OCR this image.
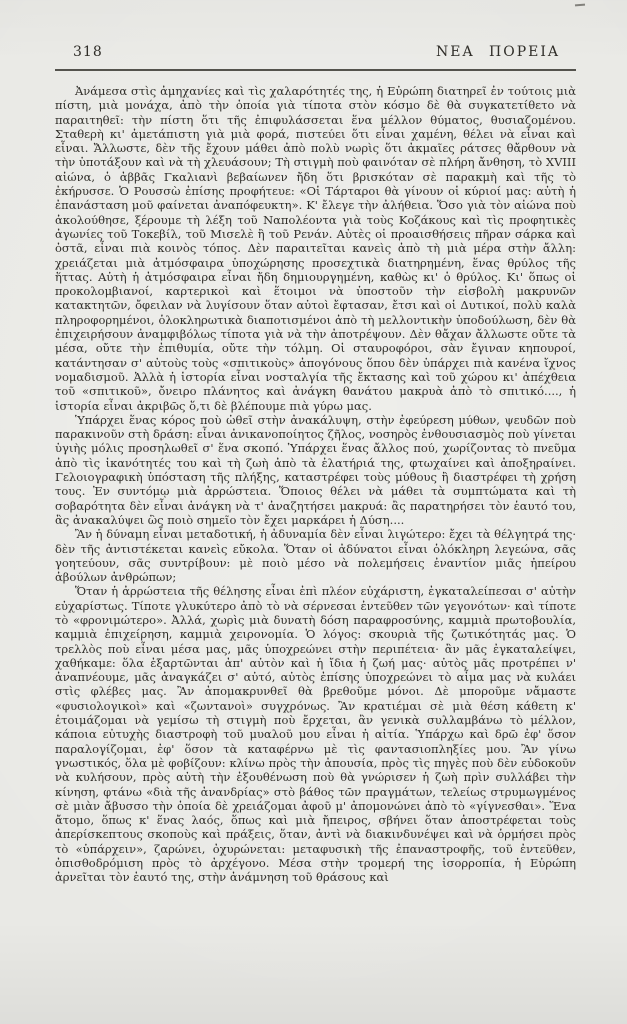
318	ΝΕΑ ΠΟΡΕΙΑ

Ἀνάμεσα στὶς ἀμηχανίες καὶ τὶς χαλαρότητές της, ἡ Εὐρώπη διατηρεῖ ἐν τούτοις μιὰ πίστη, μιὰ μονάχα, ἀπὸ τὴν ὁποία γιὰ τίποτα στὸν κόσμο δὲ θὰ συγκατετίθετο νὰ παραιτηθεῖ: τὴν πίστη ὅτι τῆς ἐπιφυλάσσεται ἕνα μέλλον θύματος, θυσιαζομένου. Σταθερὴ κι' ἀμετάπιστη γιὰ μιὰ φορά, πιστεύει ὅτι εἶναι χαμένη, θέλει νὰ εἶναι καὶ εἶναι. Ἄλλωστε, δὲν τῆς ἔχουν μάθει ἀπὸ πολὺ νωρὶς ὅτι ἀκμαῖες ράτσες θἄρθουν νὰ τὴν ὑποτάξουν καὶ νὰ τὴ χλευάσουν; Τὴ στιγμὴ ποὺ φαινόταν σὲ πλήρη ἄνθηση, τὸ XVIII αἰώνα, ὁ ἀββᾶς Γκαλιανὶ βεβαίωνεν ἤδη ὅτι βρισκόταν σὲ παρακμὴ καὶ τῆς τὸ ἐκήρυσσε. Ὁ Ρουσσὼ ἐπίσης προφήτευε: «Οἱ Τάρταροι θὰ γίνουν οἱ κύριοί μας: αὐτὴ ἡ ἐπανάσταση μοῦ φαίνεται ἀναπόφευκτη». Κ' ἔλεγε τὴν ἀλήθεια. Ὅσο γιὰ τὸν αἰώνα ποὺ ἀκολούθησε, ξέρουμε τὴ λέξη τοῦ Ναπολέοντα γιὰ τοὺς Κοζάκους καὶ τὶς προφητικὲς ἀγωνίες τοῦ Τοκεβίλ, τοῦ Μισελὲ ἢ τοῦ Ρενάν. Αὐτὲς οἱ προαισθήσεις πῆραν σάρκα καὶ ὀστᾶ, εἶναι πιὰ κοινὸς τόπος. Δὲν παραιτεῖται κανεὶς ἀπὸ τὴ μιὰ μέρα στὴν ἄλλη: χρειάζεται μιὰ ἀτμόσφαιρα ὑποχώρησης προσεχτικὰ διατηρημένη, ἕνας θρύλος τῆς ἥττας. Αὐτὴ ἡ ἀτμόσφαιρα εἶναι ἤδη δημιουργημένη, καθὼς κι' ὁ θρύλος. Κι' ὅπως οἱ προκολομβιανοί, καρτερικοὶ καὶ ἕτοιμοι νὰ ὑποστοῦν τὴν εἰσβολὴ μακρυνῶν κατακτητῶν, ὄφειλαν νὰ λυγίσουν ὅταν αὐτοὶ ἔφτασαν, ἔτσι καὶ οἱ Δυτικοί, πολὺ καλὰ πληροφορημένοι, ὁλοκληρωτικὰ διαποτισμένοι ἀπὸ τὴ μελλοντικὴν ὑποδούλωση, δὲν θὰ ἐπιχειρήσουν ἀναμφιβόλως τίποτα γιὰ νὰ τὴν ἀποτρέψουν. Δὲν θἄχαν ἄλλωστε οὔτε τὰ μέσα, οὔτε τὴν ἐπιθυμία, οὔτε τὴν τόλμη. Οἱ σταυροφόροι, σὰν ἔγιναν κηπουροί, κατάντησαν σ' αὐτοὺς τοὺς «σπιτικοὺς» ἀπογόνους ὅπου δὲν ὑπάρχει πιὰ κανένα ἴχνος νομαδισμοῦ. Ἀλλὰ ἡ ἱστορία εἶναι νοσταλγία τῆς ἔκτασης καὶ τοῦ χώρου κι' ἀπέχθεια τοῦ «σπιτικοῦ», ὄνειρο πλάνητος καὶ ἀνάγκη θανάτου μακρυὰ ἀπὸ τὸ σπιτικό...., ἡ ἱστορία εἶναι ἀκριβῶς ὅ,τι δὲ βλέπουμε πιὰ γύρω μας.

Ὑπάρχει ἕνας κόρος ποὺ ὠθεῖ στὴν ἀνακάλυψη, στὴν ἐφεύρεση μύθων, ψευδῶν ποὺ παρακινοῦν στὴ δράση: εἶναι ἀνικανοποίητος ζῆλος, νοσηρὸς ἐνθουσιασμὸς ποὺ γίνεται ὑγιὴς μόλις προσηλωθεῖ σ' ἕνα σκοπό. Ὑπάρχει ἕνας ἄλλος πού, χωρίζοντας τὸ πνεῦμα ἀπὸ τὶς ἱκανότητές του καὶ τὴ ζωὴ ἀπὸ τὰ ἐλατήριά της, φτωχαίνει καὶ ἀποξηραίνει. Γελοιογραφικὴ ὑπόσταση τῆς πλήξης, καταστρέφει τοὺς μύθους ἢ διαστρέφει τὴ χρήση τους. Ἐν συντόμῳ μιὰ ἀρρώστεια. Ὅποιος θέλει νὰ μάθει τὰ συμπτώματα καὶ τὴ σοβαρότητα δὲν εἶναι ἀνάγκη νὰ τ' ἀναζητήσει μακρυά: ἂς παρατηρήσει τὸν ἑαυτό του, ἂς ἀνακαλύψει ὣς ποιὸ σημεῖο τὸν ἔχει μαρκάρει ἡ Δύση....

Ἂν ἡ δύναμη εἶναι μεταδοτική, ἡ ἀδυναμία δὲν εἶναι λιγώτερο: ἔχει τὰ θέλγητρά της· δὲν τῆς ἀντιστέκεται κανεὶς εὔκολα. Ὅταν οἱ ἀδύνατοι εἶναι ὁλόκληρη λεγεώνα, σᾶς γοητεύουν, σᾶς συντρίβουν: μὲ ποιὸ μέσο νὰ πολεμήσεις ἐναντίον μιᾶς ἠπείρου ἀβούλων ἀνθρώπων;

Ὅταν ἡ ἀρρώστεια τῆς θέλησης εἶναι ἐπὶ πλέον εὐχάριστη, ἐγκαταλείπεσαι σ' αὐτὴν εὐχαρίστως. Τίποτε γλυκύτερο ἀπὸ τὸ νὰ σέρνεσαι ἐντεῦθεν τῶν γεγονότων· καὶ τίποτε τὸ «φρονιμώτερο». Ἀλλά, χωρὶς μιὰ δυνατὴ δόση παραφροσύνης, καμμιὰ πρωτοβουλία, καμμιὰ ἐπιχείρηση, καμμιὰ χειρονομία. Ὁ λόγος: σκουριὰ τῆς ζωτικότητάς μας. Ὁ τρελλὸς ποὺ εἶναι μέσα μας, μᾶς ὑποχρεώνει στὴν περιπέτεια· ἂν μᾶς ἐγκαταλείψει, χαθήκαμε: ὅλα ἐξαρτῶνται ἀπ' αὐτὸν καὶ ἡ ἴδια ἡ ζωή μας· αὐτὸς μᾶς προτρέπει ν' ἀναπνέουμε, μᾶς ἀναγκάζει σ' αὐτό, αὐτὸς ἐπίσης ὑποχρεώνει τὸ αἷμα μας νὰ κυλάει στὶς φλέβες μας. Ἂν ἀπομακρυνθεῖ θὰ βρεθοῦμε μόνοι. Δὲ μποροῦμε νἄμαστε «φυσιολογικοὶ» καὶ «ζωντανοὶ» συγχρόνως. Ἂν κρατιέμαι σὲ μιὰ θέση κάθετη κ' ἑτοιμάζομαι νὰ γεμίσω τὴ στιγμὴ ποὺ ἔρχεται, ἂν γενικὰ συλλαμβάνω τὸ μέλλον, κάποια εὐτυχὴς διαστροφὴ τοῦ μυαλοῦ μου εἶναι ἡ αἰτία. Ὑπάρχω καὶ δρῶ ἐφ' ὅσον παραλογίζομαι, ἐφ' ὅσον τὰ καταφέρνω μὲ τὶς φαντασιοπληξίες μου. Ἂν γίνω γνωστικός, ὅλα μὲ φοβίζουν: κλίνω πρὸς τὴν ἀπουσία, πρὸς τὶς πηγὲς ποὺ δὲν εὐδοκοῦν νὰ κυλήσουν, πρὸς αὐτὴ τὴν ἐξουθένωση ποὺ θὰ γνώρισεν ἡ ζωὴ πρὶν συλλάβει τὴν κίνηση, φτάνω «διὰ τῆς ἀνανδρίας» στὸ βάθος τῶν πραγμάτων, τελείως στρυμωγμένος σὲ μιὰν ἄβυσσο τὴν ὁποία δὲ χρειάζομαι ἀφοῦ μ' ἀπομονώνει ἀπὸ τὸ «γίγνεσθαι». Ἕνα ἄτομο, ὅπως κ' ἕνας λαός, ὅπως καὶ μιὰ ἤπειρος, σβήνει ὅταν ἀποστρέφεται τοὺς ἀπερίσκεπτους σκοποὺς καὶ πράξεις, ὅταν, ἀντὶ νὰ διακινδυνέψει καὶ νὰ ὁρμήσει πρὸς τὸ «ὑπάρχειν», ζαρώνει, ὀχυρώνεται: μεταφυσικὴ τῆς ἐπαναστροφῆς, τοῦ ἐντεῦθεν, ὀπισθοδρόμιση πρὸς τὸ ἀρχέγονο. Μέσα στὴν τρομερή της ἰσορροπία, ἡ Εὐρώπη ἀρνεῖται τὸν ἑαυτό της, στὴν ἀνάμνηση τοῦ θράσους καὶ
